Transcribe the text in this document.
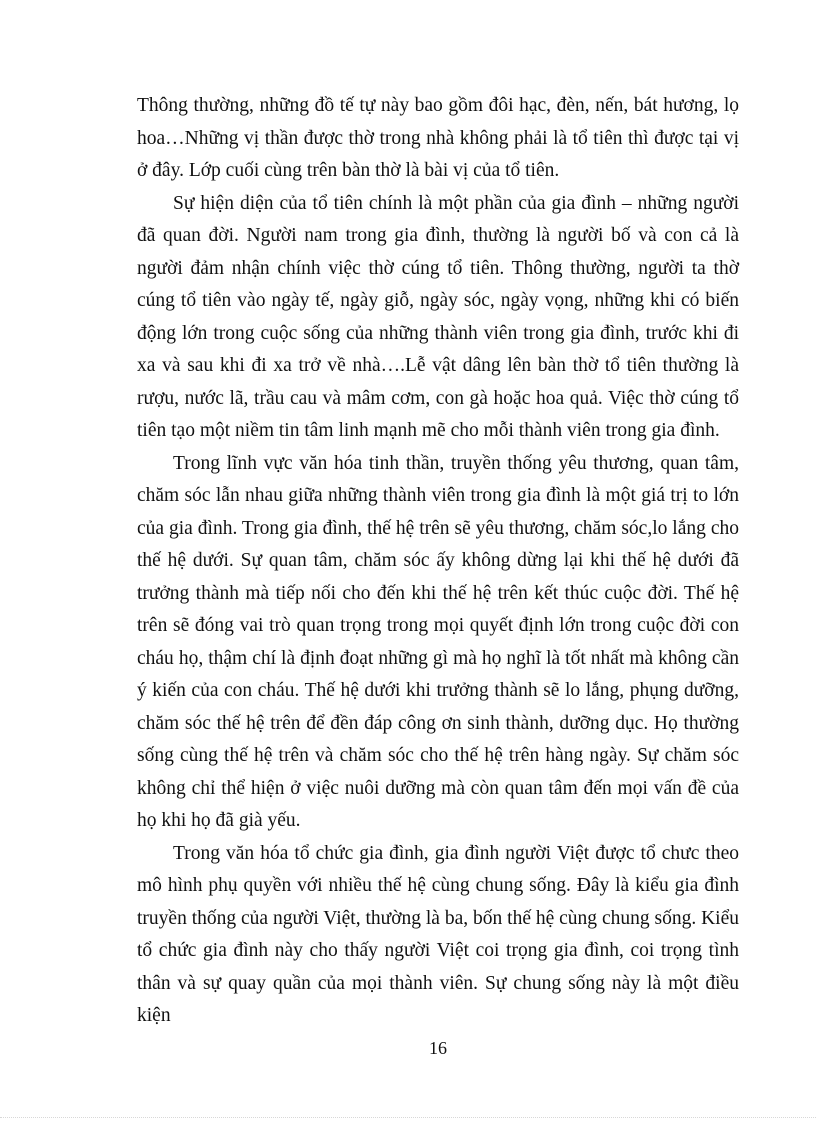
Thông thường, những đồ tế tự này bao gồm đôi hạc, đèn, nến, bát hương, lọ hoa…Những vị thần được thờ trong nhà không phải là tổ tiên thì được tại vị ở đây. Lớp cuối cùng trên bàn thờ là bài vị của tổ tiên.

Sự hiện diện của tổ tiên chính là một phần của gia đình – những người đã quan đời. Người nam trong gia đình, thường là người bố và con cả là người đảm nhận chính việc thờ cúng tổ tiên. Thông thường, người ta thờ cúng tổ tiên vào ngày tế, ngày giỗ, ngày sóc, ngày vọng, những khi có biến động lớn trong cuộc sống của những thành viên trong gia đình, trước khi đi xa và sau khi đi xa trở về nhà….Lễ vật dâng lên bàn thờ tổ tiên thường là rượu, nước lã, trầu cau và mâm cơm, con gà hoặc hoa quả. Việc thờ cúng tổ tiên tạo một niềm tin tâm linh mạnh mẽ cho mỗi thành viên trong gia đình.

Trong lĩnh vực văn hóa tinh thần, truyền thống yêu thương, quan tâm, chăm sóc lẫn nhau giữa những thành viên trong gia đình là một giá trị to lớn của gia đình. Trong gia đình, thế hệ trên sẽ yêu thương, chăm sóc,lo lắng cho thế hệ dưới. Sự quan tâm, chăm sóc ấy không dừng lại khi thế hệ dưới đã trưởng thành mà tiếp nối cho đến khi thế hệ trên kết thúc cuộc đời. Thế hệ trên sẽ đóng vai trò quan trọng trong mọi quyết định lớn trong cuộc đời con cháu họ, thậm chí là định đoạt những gì mà họ nghĩ là tốt nhất mà không cần ý kiến của con cháu. Thế hệ dưới khi trưởng thành sẽ lo lắng, phụng dưỡng, chăm sóc thế hệ trên để đền đáp công ơn sinh thành, dưỡng dục. Họ thường sống cùng thế hệ trên và chăm sóc cho thế hệ trên hàng ngày. Sự chăm sóc không chỉ thể hiện ở việc nuôi dưỡng mà còn quan tâm đến mọi vấn đề của họ khi họ đã già yếu.

Trong văn hóa tổ chức gia đình, gia đình người Việt được tổ chưc theo mô hình phụ quyền với nhiều thế hệ cùng chung sống. Đây là kiểu gia đình truyền thống của người Việt, thường là ba, bốn thế hệ cùng chung sống. Kiểu tổ chức gia đình này cho thấy người Việt coi trọng gia đình, coi trọng tình thân và sự quay quần của mọi thành viên. Sự chung sống này là một điều kiện

16
